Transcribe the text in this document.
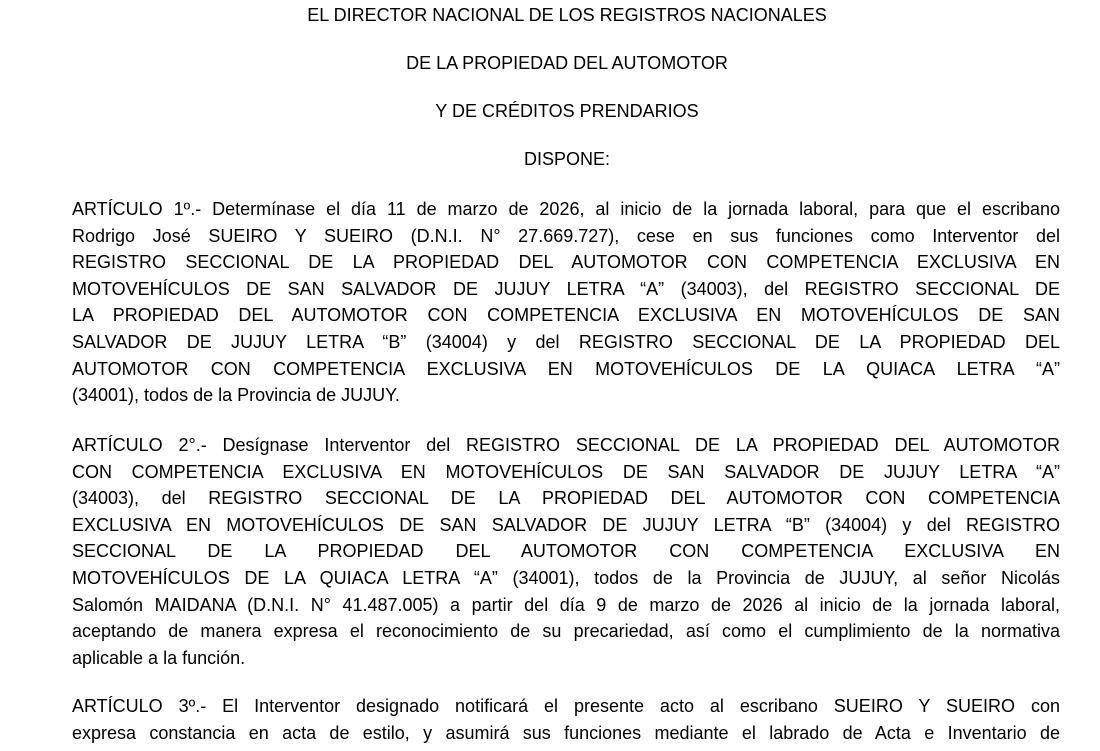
EL DIRECTOR NACIONAL DE LOS REGISTROS NACIONALES
DE LA PROPIEDAD DEL AUTOMOTOR
Y DE CRÉDITOS PRENDARIOS
DISPONE:
ARTÍCULO 1º.- Determínase el día 11 de marzo de 2026, al inicio de la jornada laboral, para que el escribano
Rodrigo José SUEIRO Y SUEIRO (D.N.I. N° 27.669.727), cese en sus funciones como Interventor del
REGISTRO SECCIONAL DE LA PROPIEDAD DEL AUTOMOTOR CON COMPETENCIA EXCLUSIVA EN
MOTOVEHÍCULOS DE SAN SALVADOR DE JUJUY LETRA “A” (34003), del REGISTRO SECCIONAL DE
LA PROPIEDAD DEL AUTOMOTOR CON COMPETENCIA EXCLUSIVA EN MOTOVEHÍCULOS DE SAN
SALVADOR DE JUJUY LETRA “B” (34004) y del REGISTRO SECCIONAL DE LA PROPIEDAD DEL
AUTOMOTOR CON COMPETENCIA EXCLUSIVA EN MOTOVEHÍCULOS DE LA QUIACA LETRA “A”
(34001), todos de la Provincia de JUJUY.
ARTÍCULO 2°.- Desígnase Interventor del REGISTRO SECCIONAL DE LA PROPIEDAD DEL AUTOMOTOR
CON COMPETENCIA EXCLUSIVA EN MOTOVEHÍCULOS DE SAN SALVADOR DE JUJUY LETRA “A”
(34003), del REGISTRO SECCIONAL DE LA PROPIEDAD DEL AUTOMOTOR CON COMPETENCIA
EXCLUSIVA EN MOTOVEHÍCULOS DE SAN SALVADOR DE JUJUY LETRA “B” (34004) y del REGISTRO
SECCIONAL DE LA PROPIEDAD DEL AUTOMOTOR CON COMPETENCIA EXCLUSIVA EN
MOTOVEHÍCULOS DE LA QUIACA LETRA “A” (34001), todos de la Provincia de JUJUY, al señor Nicolás
Salomón MAIDANA (D.N.I. N° 41.487.005) a partir del día 9 de marzo de 2026 al inicio de la jornada laboral,
aceptando de manera expresa el reconocimiento de su precariedad, así como el cumplimiento de la normativa
aplicable a la función.
ARTÍCULO 3º.- El Interventor designado notificará el presente acto al escribano SUEIRO Y SUEIRO con
expresa constancia en acta de estilo, y asumirá sus funciones mediante el labrado de Acta e Inventario de
